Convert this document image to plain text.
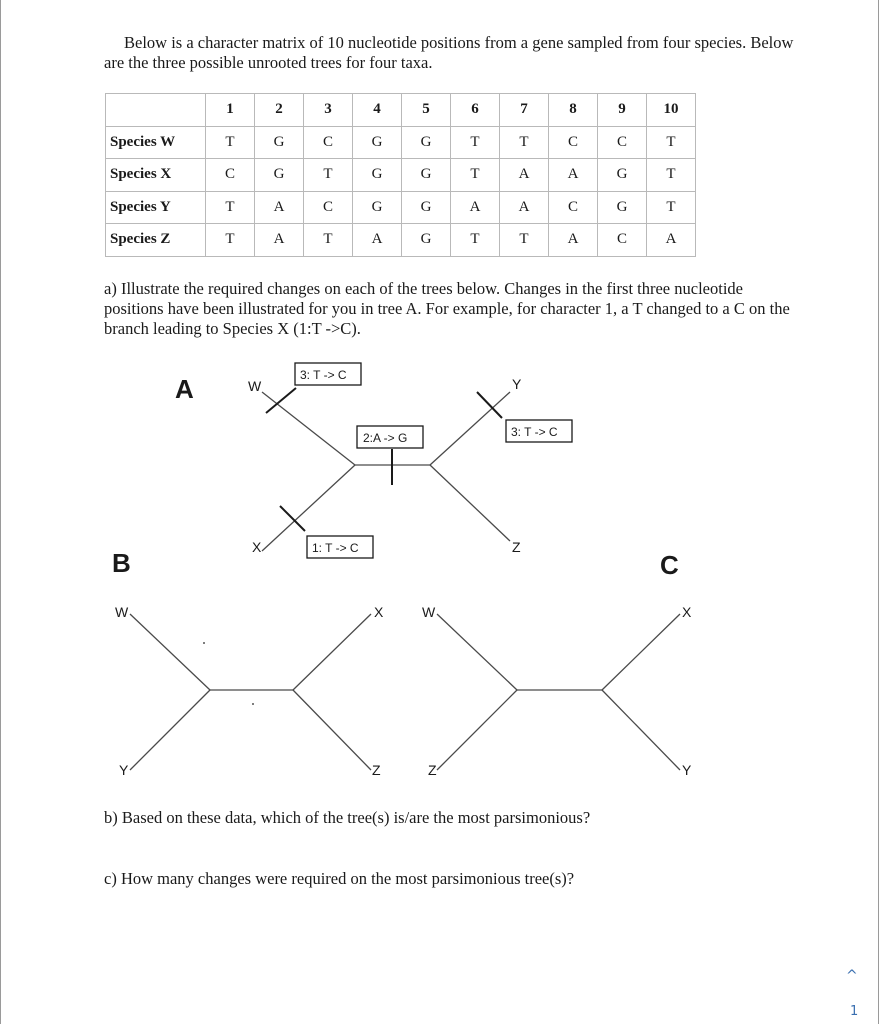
Below is a character matrix of 10 nucleotide positions from a gene sampled from four species. Below are the three possible unrooted trees for four taxa.

	1	2	3	4	5	6	7	8	9	10
Species W	T	G	C	G	G	T	T	C	C	T
Species X	C	G	T	G	G	T	A	A	G	T
Species Y	T	A	C	G	G	A	A	C	G	T
Species Z	T	A	T	A	G	T	T	A	C	A

a) Illustrate the required changes on each of the trees below. Changes in the first three nucleotide positions have been illustrated for you in tree A. For example, for character 1, a T changed to a C on the branch leading to Species X (1:T ->C).

3: T -> C
2:A -> G	3: T -> C
1: T -> C
A	W
X
Y
Z
B
W	X
Y	Z
C
W	X
Z	Y

b) Based on these data, which of the tree(s) is/are the most parsimonious?

c) How many changes were required on the most parsimonious tree(s)?

^
1
